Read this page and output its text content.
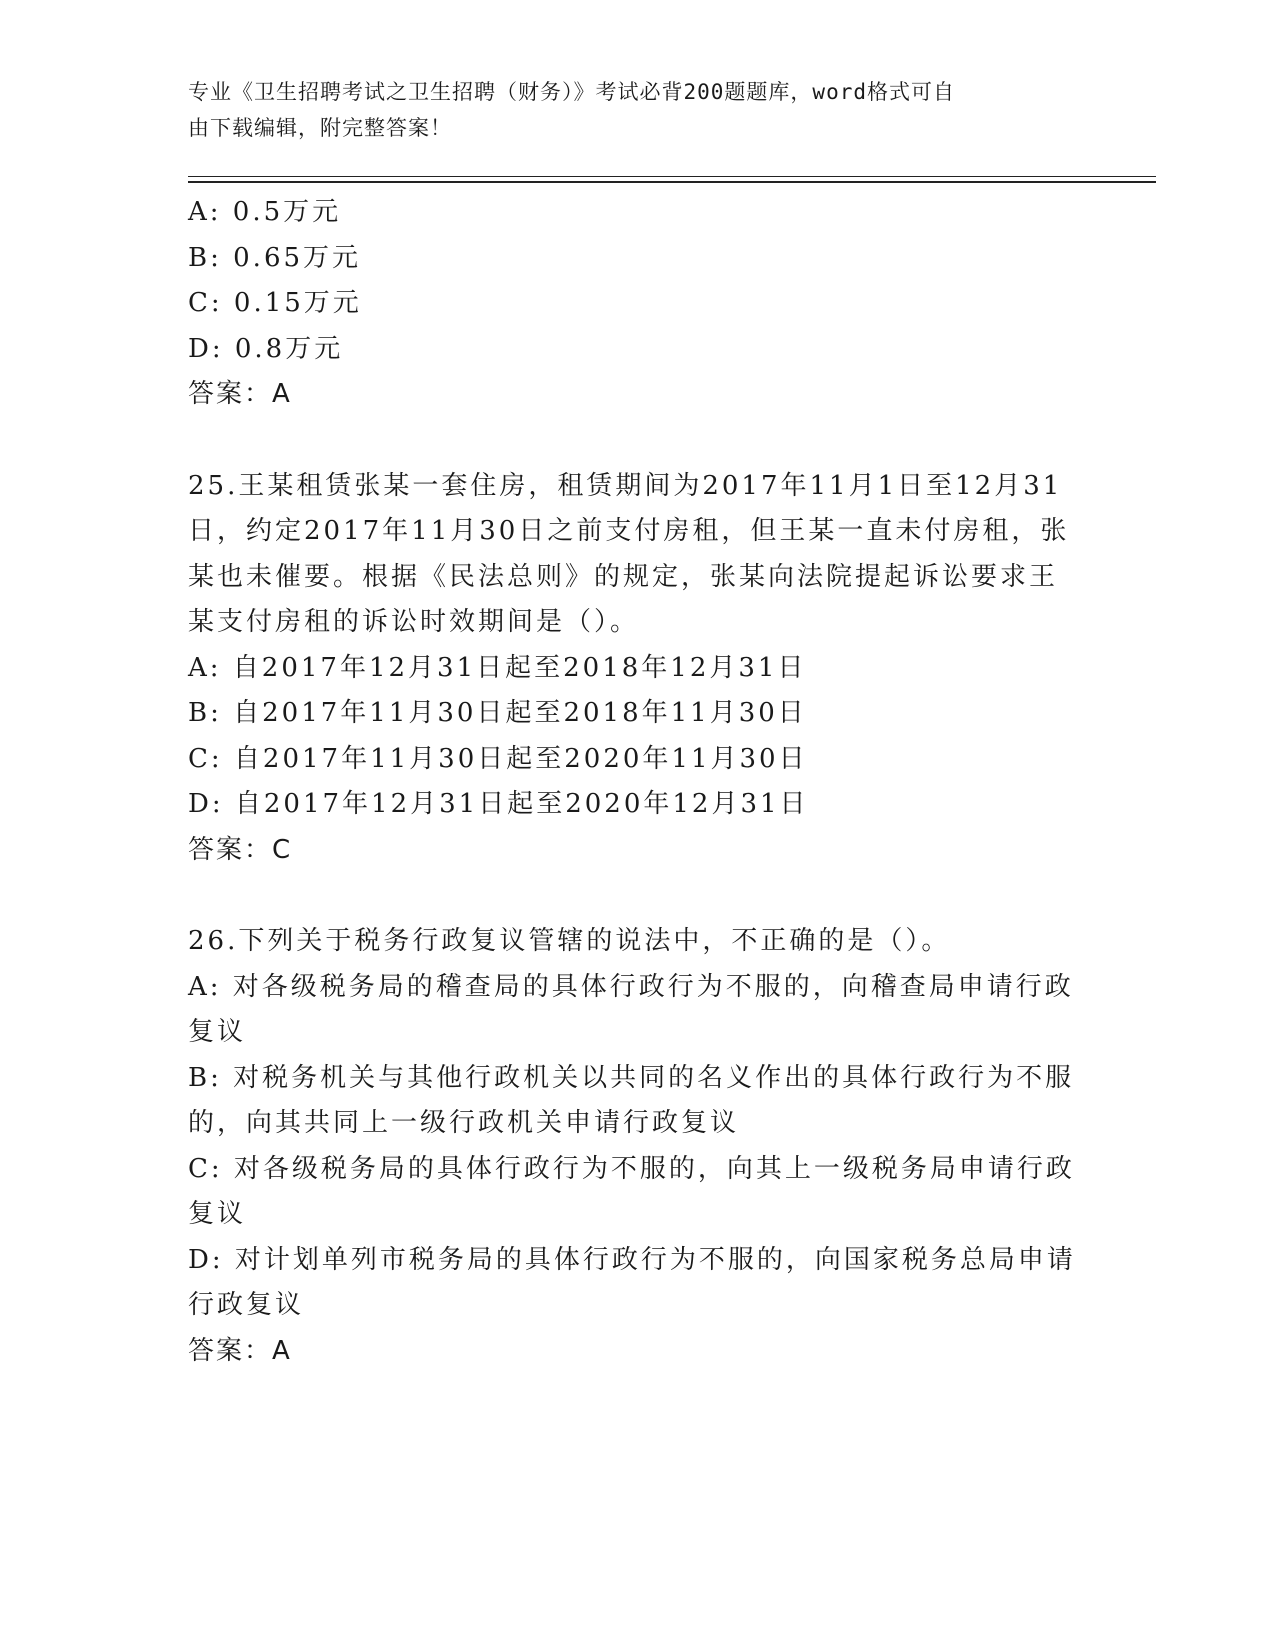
专业《卫生招聘考试之卫生招聘（财务）》考试必背200题题库，word格式可自
由下载编辑，附完整答案！
A: 0.5万元
B: 0.65万元
C: 0.15万元
D: 0.8万元
答案：A
25.王某租赁张某一套住房，租赁期间为2017年11月1日至12月31
日，约定2017年11月30日之前支付房租，但王某一直未付房租，张
某也未催要。根据《民法总则》的规定，张某向法院提起诉讼要求王
某支付房租的诉讼时效期间是（）。
A: 自2017年12月31日起至2018年12月31日
B: 自2017年11月30日起至2018年11月30日
C: 自2017年11月30日起至2020年11月30日
D: 自2017年12月31日起至2020年12月31日
答案：C
26.下列关于税务行政复议管辖的说法中，不正确的是（）。
A: 对各级税务局的稽查局的具体行政行为不服的，向稽查局申请行政
复议
B: 对税务机关与其他行政机关以共同的名义作出的具体行政行为不服
的，向其共同上一级行政机关申请行政复议
C: 对各级税务局的具体行政行为不服的，向其上一级税务局申请行政
复议
D: 对计划单列市税务局的具体行政行为不服的，向国家税务总局申请
行政复议
答案：A
